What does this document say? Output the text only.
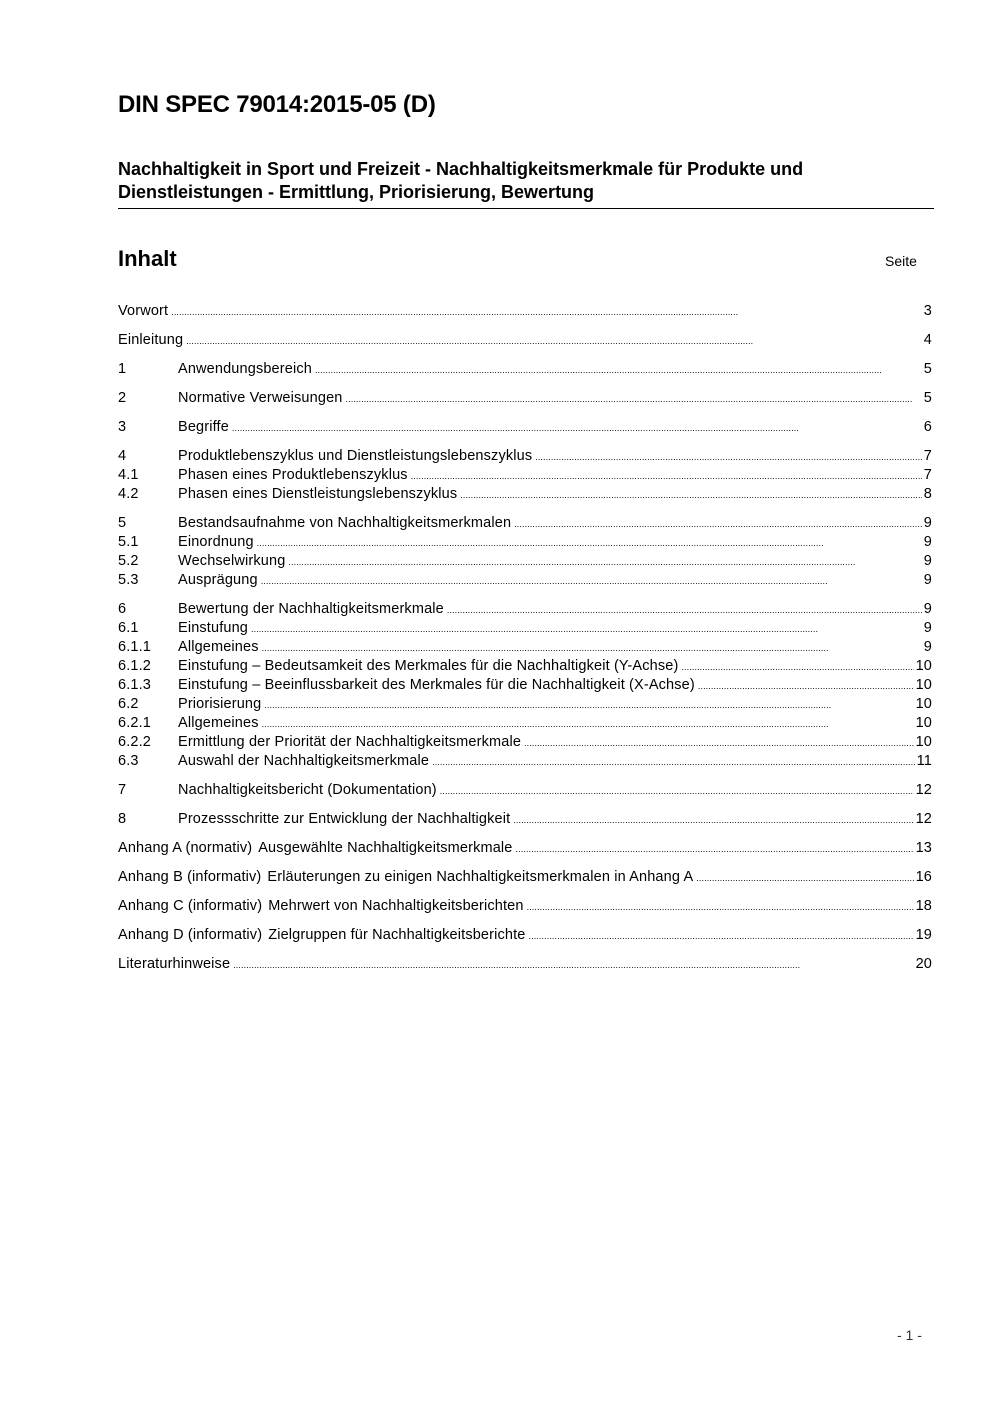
DIN SPEC 79014:2015-05 (D)
Nachhaltigkeit in Sport und Freizeit - Nachhaltigkeitsmerkmale für Produkte und
Dienstleistungen - Ermittlung, Priorisierung, Bewertung
Inhalt	Seite
Vorwort . . .	3
Einleitung . . .	4
1	Anwendungsbereich . . .	5
2	Normative Verweisungen . . .	5
3	Begriffe . . .	6
4	Produktlebenszyklus und Dienstleistungslebenszyklus . . .	7
4.1	Phasen eines Produktlebenszyklus . . .	7
4.2	Phasen eines Dienstleistungslebenszyklus . . .	8
5	Bestandsaufnahme von Nachhaltigkeitsmerkmalen . . .	9
5.1	Einordnung . . .	9
5.2	Wechselwirkung . . .	9
5.3	Ausprägung . . .	9
6	Bewertung der Nachhaltigkeitsmerkmale . . .	9
6.1	Einstufung . . .	9
6.1.1	Allgemeines . . .	9
6.1.2	Einstufung – Bedeutsamkeit des Merkmales für die Nachhaltigkeit (Y-Achse) . . .	10
6.1.3	Einstufung – Beeinflussbarkeit des Merkmales für die Nachhaltigkeit (X-Achse) . . .	10
6.2	Priorisierung . . .	10
6.2.1	Allgemeines . . .	10
6.2.2	Ermittlung der Priorität der Nachhaltigkeitsmerkmale . . .	10
6.3	Auswahl der Nachhaltigkeitsmerkmale . . .	11
7	Nachhaltigkeitsbericht (Dokumentation) . . .	12
8	Prozessschritte zur Entwicklung der Nachhaltigkeit . . .	12
Anhang A (normativ) Ausgewählte Nachhaltigkeitsmerkmale . . .	13
Anhang B (informativ) Erläuterungen zu einigen Nachhaltigkeitsmerkmalen in Anhang A . . .	16
Anhang C (informativ) Mehrwert von Nachhaltigkeitsberichten . . .	18
Anhang D (informativ) Zielgruppen für Nachhaltigkeitsberichte . . .	19
Literaturhinweise . . .	20
- 1 -
